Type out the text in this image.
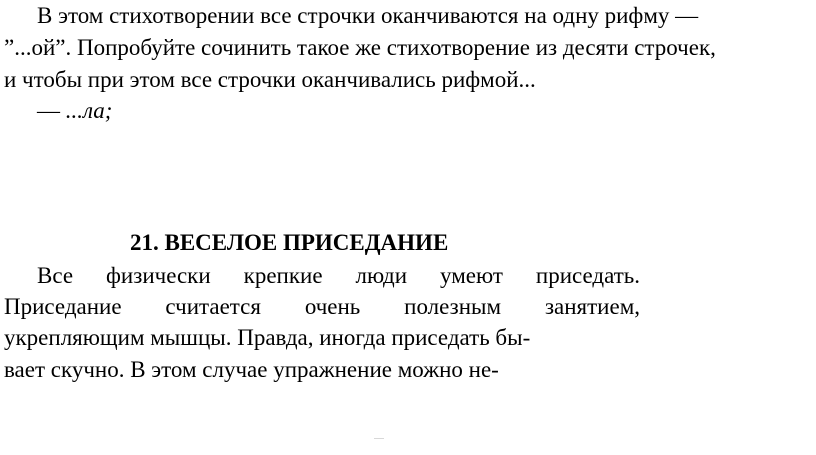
В этом стихотворении все строчки оканчиваются на одну рифму —

”...ой”. Попробуйте сочинить такое же стихотворение из десяти строчек,

и чтобы при этом все строчки оканчивались рифмой...

— ...ла;

21. ВЕСЕЛОЕ ПРИСЕДАНИЕ

Все физически крепкие люди умеют приседать.

Приседание считается очень полезным занятием,

укрепляющим мышцы. Правда, иногда приседать бы-

вает скучно. В этом случае упражнение можно не-
